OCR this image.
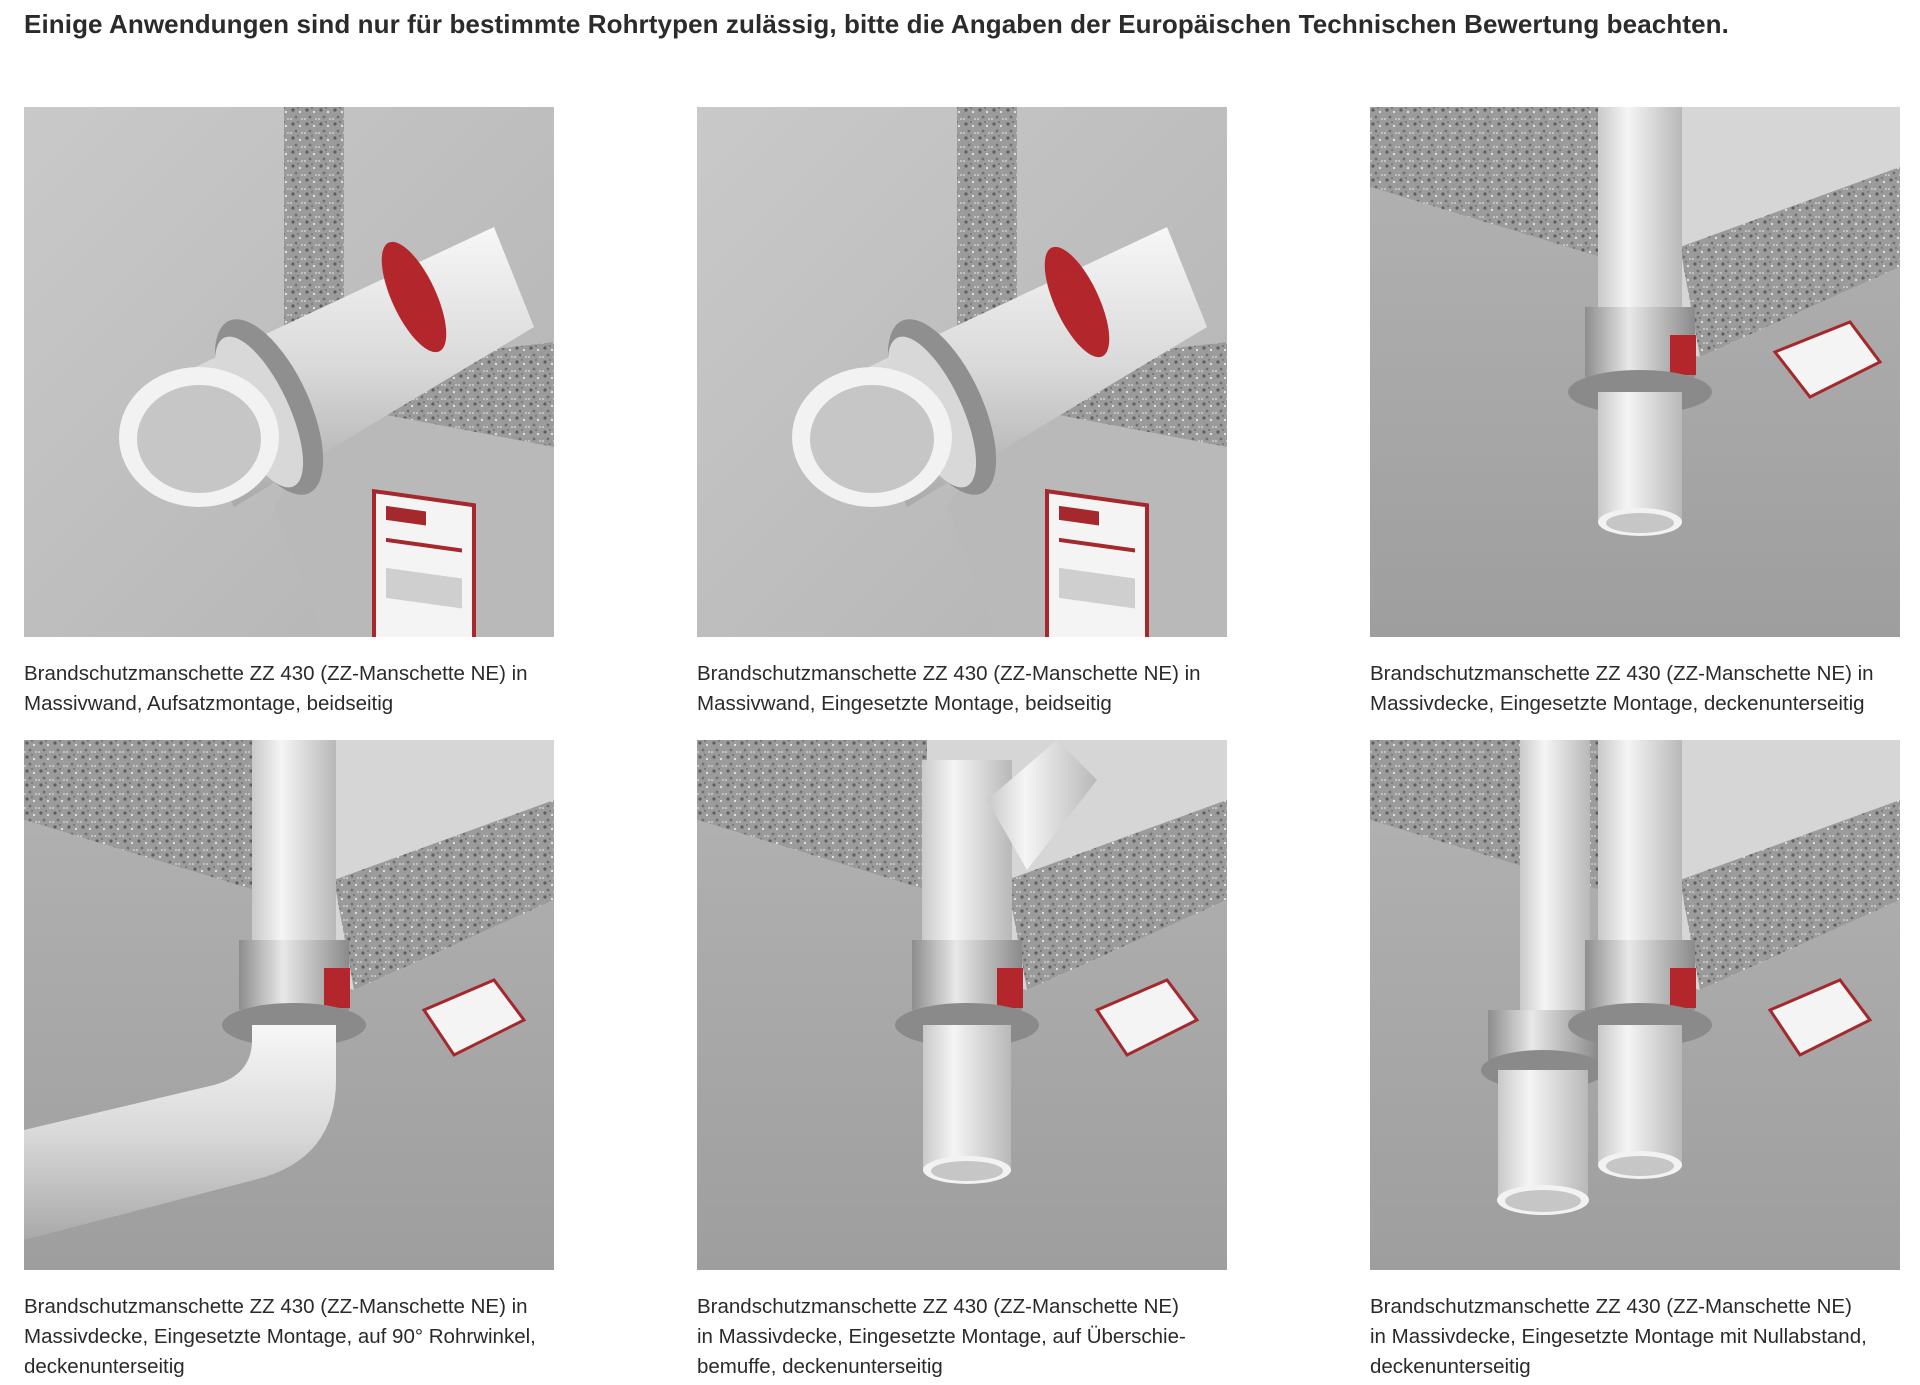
Einige Anwendungen sind nur für bestimmte Rohrtypen zulässig, bitte die Angaben der Europäischen Technischen Bewertung beachten.
Brandschutzmanschette ZZ 430 (ZZ-Manschette NE) in
Massivwand, Aufsatzmontage, beidseitig
Brandschutzmanschette ZZ 430 (ZZ-Manschette NE) in
Massivwand, Eingesetzte Montage, beidseitig
Brandschutzmanschette ZZ 430 (ZZ-Manschette NE) in
Massivdecke, Eingesetzte Montage, deckenunterseitig
Brandschutzmanschette ZZ 430 (ZZ-Manschette NE) in
Massivdecke, Eingesetzte Montage, auf 90° Rohrwinkel,
deckenunterseitig
Brandschutzmanschette ZZ 430 (ZZ-Manschette NE)
in Massivdecke, Eingesetzte Montage, auf Überschie-
bemuffe, deckenunterseitig
Brandschutzmanschette ZZ 430 (ZZ-Manschette NE)
in Massivdecke, Eingesetzte Montage mit Nullabstand,
deckenunterseitig
